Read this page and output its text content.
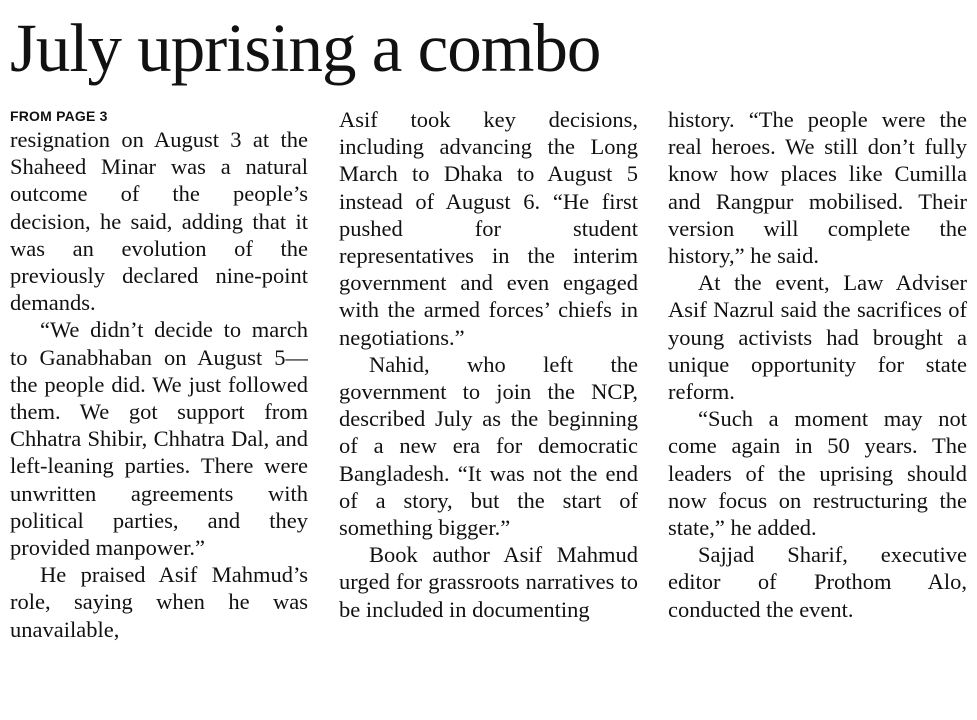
July uprising a combo
FROM PAGE 3

resignation on August 3 at the Shaheed Minar was a natural outcome of the people’s decision, he said, adding that it was an evolution of the previously declared nine-point demands.

“We didn’t decide to march to Ganabhaban on August 5—the people did. We just followed them. We got support from Chhatra Shibir, Chhatra Dal, and left-leaning parties. There were unwritten agreements with political parties, and they provided manpower.”

He praised Asif Mahmud’s role, saying when he was unavailable,

Asif took key decisions, including advancing the Long March to Dhaka to August 5 instead of August 6. “He first pushed for student representatives in the interim government and even engaged with the armed forces’ chiefs in negotiations.”

Nahid, who left the government to join the NCP, described July as the beginning of a new era for democratic Bangladesh. “It was not the end of a story, but the start of something bigger.”

Book author Asif Mahmud urged for grassroots narratives to be included in documenting

history. “The people were the real heroes. We still don’t fully know how places like Cumilla and Rangpur mobilised. Their version will complete the history,” he said.

At the event, Law Adviser Asif Nazrul said the sacrifices of young activists had brought a unique opportunity for state reform.

“Such a moment may not come again in 50 years. The leaders of the uprising should now focus on restructuring the state,” he added.

Sajjad Sharif, executive editor of Prothom Alo, conducted the event.
